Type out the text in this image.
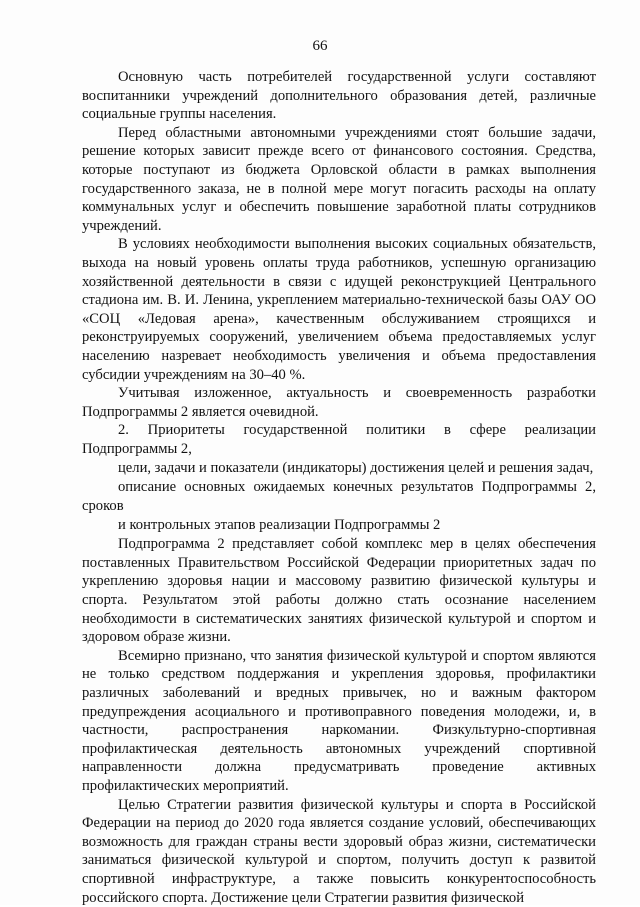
66

Основную часть потребителей государственной услуги составляют воспитанники учреждений дополнительного образования детей, различные социальные группы населения.

Перед областными автономными учреждениями стоят большие задачи, решение которых зависит прежде всего от финансового состояния. Средства, которые поступают из бюджета Орловской области в рамках выполнения государственного заказа, не в полной мере могут погасить расходы на оплату коммунальных услуг и обеспечить повышение заработной платы сотрудников учреждений.

В условиях необходимости выполнения высоких социальных обязательств, выхода на новый уровень оплаты труда работников, успешную организацию хозяйственной деятельности в связи с идущей реконструкцией Центрального стадиона им. В. И. Ленина, укреплением материально-технической базы ОАУ ОО «СОЦ «Ледовая арена», качественным обслуживанием строящихся и реконструируемых сооружений, увеличением объема предоставляемых услуг населению назревает необходимость увеличения и объема предоставления субсидии учреждениям на 30–40 %.

Учитывая изложенное, актуальность и своевременность разработки Подпрограммы 2 является очевидной.

2. Приоритеты государственной политики в сфере реализации Подпрограммы 2,
цели, задачи и показатели (индикаторы) достижения целей и решения задач,
описание основных ожидаемых конечных результатов Подпрограммы 2, сроков
и контрольных этапов реализации Подпрограммы 2

Подпрограмма 2 представляет собой комплекс мер в целях обеспечения поставленных Правительством Российской Федерации приоритетных задач по укреплению здоровья нации и массовому развитию физической культуры и спорта. Результатом этой работы должно стать осознание населением необходимости в систематических занятиях физической культурой и спортом и здоровом образе жизни.

Всемирно признано, что занятия физической культурой и спортом являются не только средством поддержания и укрепления здоровья, профилактики различных заболеваний и вредных привычек, но и важным фактором предупреждения асоциального и противоправного поведения молодежи, и, в частности, распространения наркомании. Физкультурно-спортивная профилактическая деятельность автономных учреждений спортивной направленности должна предусматривать проведение активных профилактических мероприятий.

Целью Стратегии развития физической культуры и спорта в Российской Федерации на период до 2020 года является создание условий, обеспечивающих возможность для граждан страны вести здоровый образ жизни, систематически заниматься физической культурой и спортом, получить доступ к развитой спортивной инфраструктуре, а также повысить конкурентоспособность российского спорта. Достижение цели Стратегии развития физической
